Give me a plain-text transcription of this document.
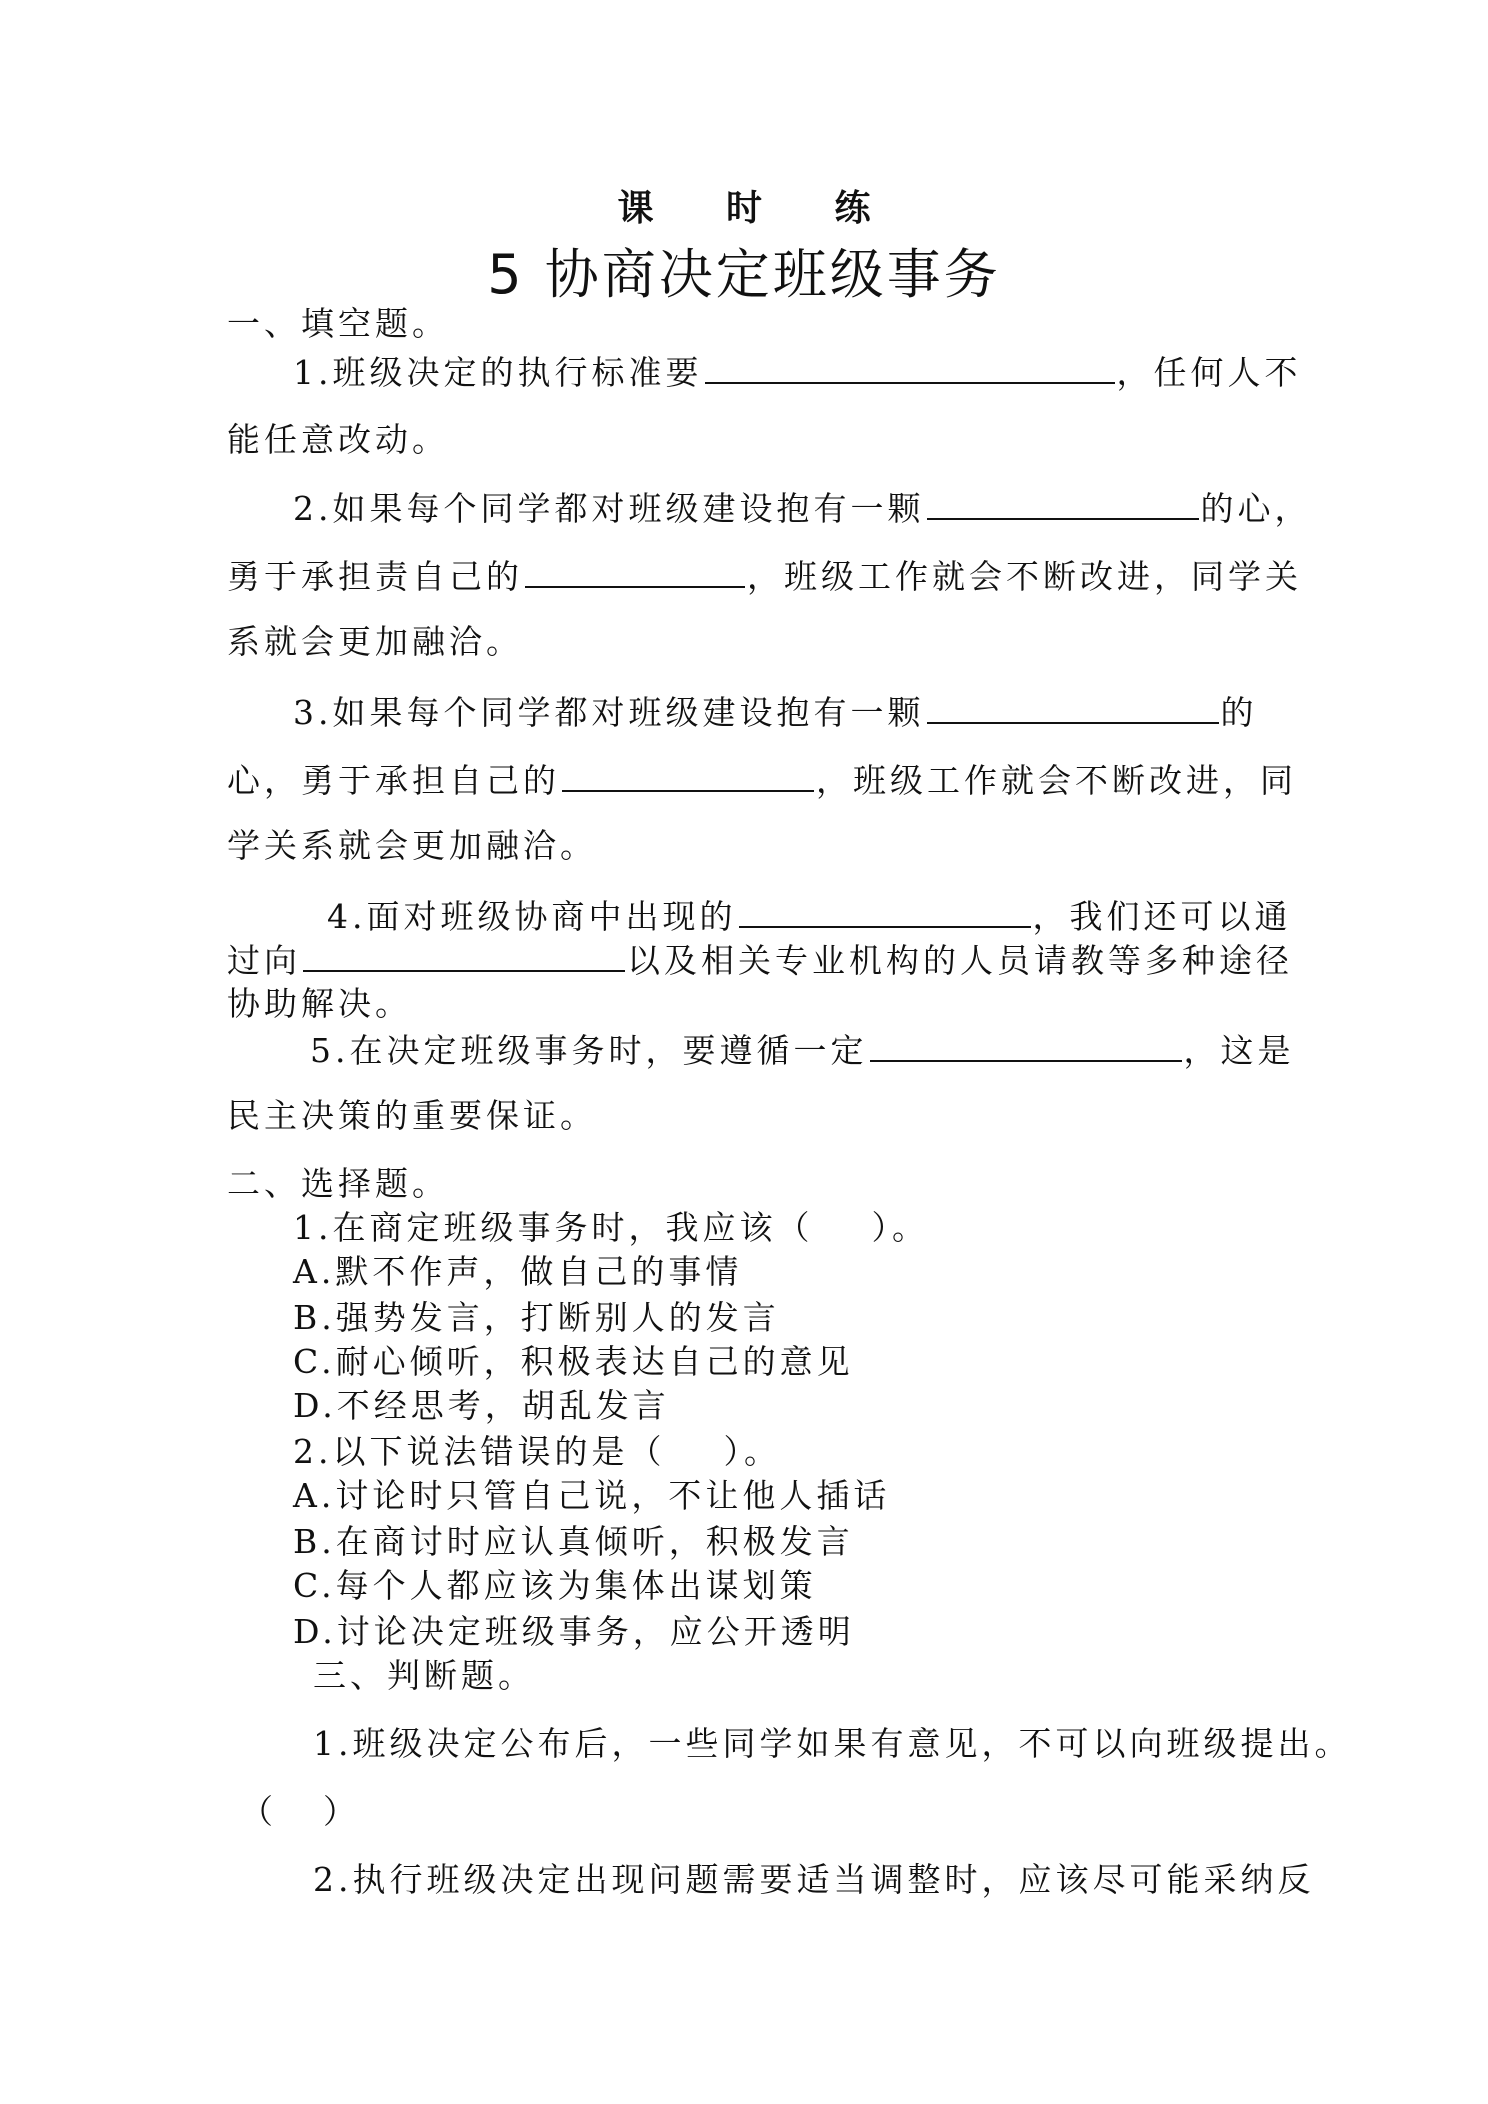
课 时 练
5 协商决定班级事务
一、填空题。
1.班级决定的执行标准要	，任何人不
能任意改动。
2.如果每个同学都对班级建设抱有一颗	的心，
勇于承担责自己的	，班级工作就会不断改进，同学关
系就会更加融洽。
3.如果每个同学都对班级建设抱有一颗	的
心，勇于承担自己的	，班级工作就会不断改进，同
学关系就会更加融洽。
4.面对班级协商中出现的	，我们还可以通
过向	以及相关专业机构的人员请教等多种途径
协助解决。
5.在决定班级事务时，要遵循一定	，这是
民主决策的重要保证。
二、选择题。
1.在商定班级事务时，我应该（ ）。
A.默不作声，做自己的事情
B.强势发言，打断别人的发言
C.耐心倾听，积极表达自己的意见
D.不经思考，胡乱发言
2.以下说法错误的是（ ）。
A.讨论时只管自己说，不让他人插话
B.在商讨时应认真倾听，积极发言
C.每个人都应该为集体出谋划策
D.讨论决定班级事务，应公开透明
三、判断题。
1.班级决定公布后，一些同学如果有意见，不可以向班级提出。
（ ）
2.执行班级决定出现问题需要适当调整时，应该尽可能采纳反
